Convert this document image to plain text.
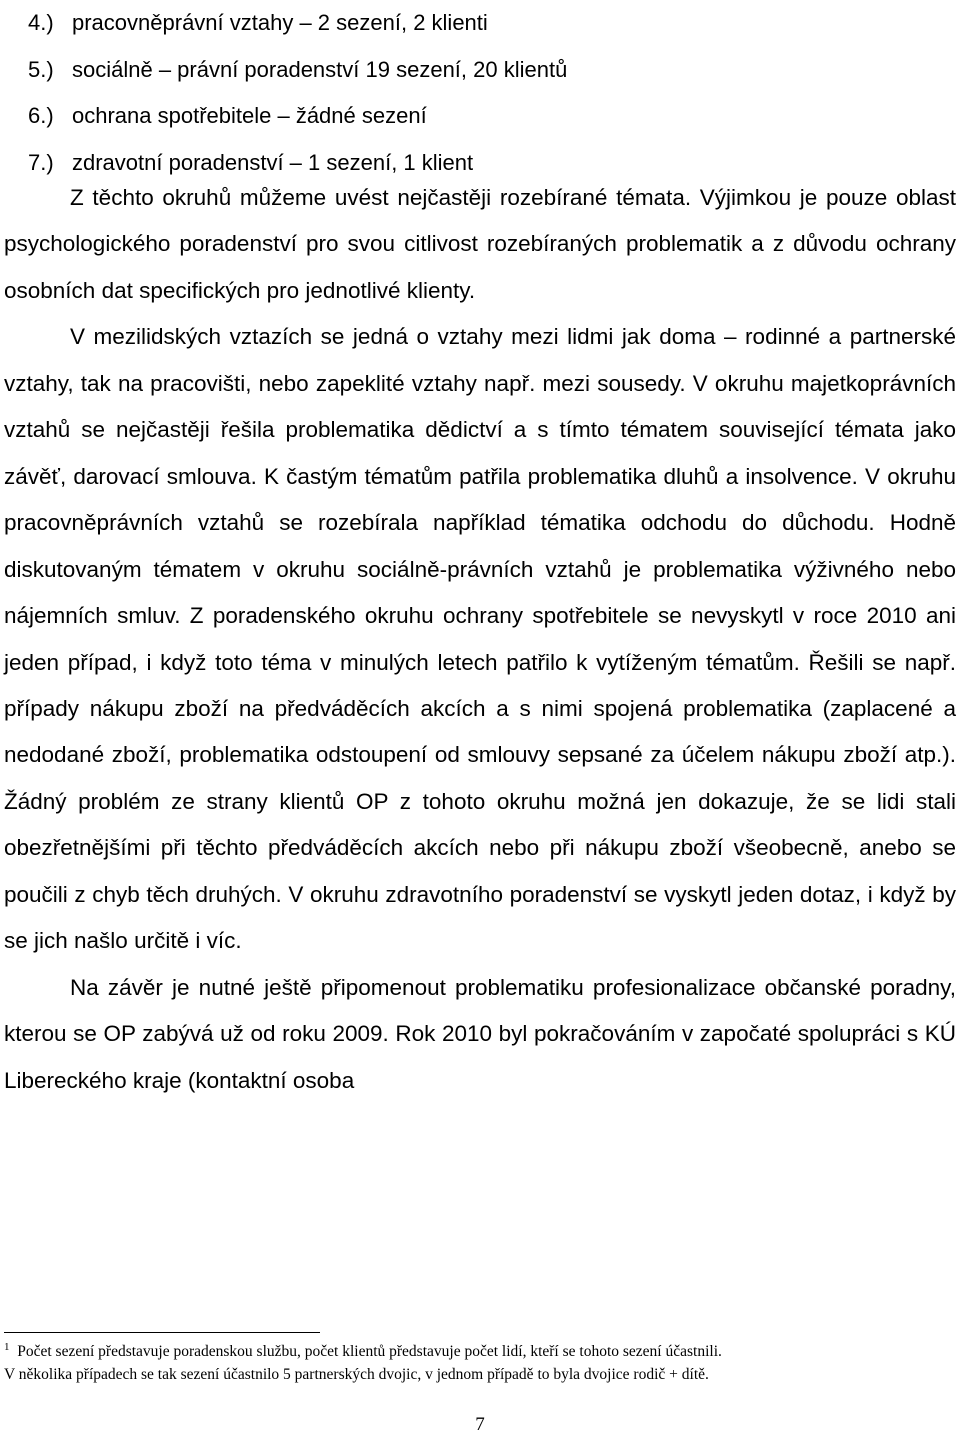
4.) pracovněprávní vztahy – 2 sezení, 2 klienti
5.) sociálně – právní poradenství 19 sezení, 20 klientů
6.) ochrana spotřebitele – žádné sezení
7.) zdravotní poradenství – 1 sezení, 1 klient

Z těchto okruhů můžeme uvést nejčastěji rozebírané témata. Výjimkou je pouze oblast psychologického poradenství pro svou citlivost rozebíraných problematik a z důvodu ochrany osobních dat specifických pro jednotlivé klienty.

V mezilidských vztazích se jedná o vztahy mezi lidmi jak doma – rodinné a partnerské vztahy, tak na pracovišti, nebo zapeklité vztahy např. mezi sousedy. V okruhu majetkoprávních vztahů se nejčastěji řešila problematika dědictví a s tímto tématem související témata jako závěť, darovací smlouva. K častým tématům patřila problematika dluhů a insolvence. V okruhu pracovněprávních vztahů se rozebírala například tématika odchodu do důchodu. Hodně diskutovaným tématem v okruhu sociálně-právních vztahů je problematika výživného nebo nájemních smluv. Z poradenského okruhu ochrany spotřebitele se nevyskytl v roce 2010 ani jeden případ, i když toto téma v minulých letech patřilo k vytíženým tématům. Řešili se např. případy nákupu zboží na předváděcích akcích a s nimi spojená problematika (zaplacené a nedodané zboží, problematika odstoupení od smlouvy sepsané za účelem nákupu zboží atp.). Žádný problém ze strany klientů OP z tohoto okruhu možná jen dokazuje, že se lidi stali obezřetnějšími při těchto předváděcích akcích nebo při nákupu zboží všeobecně, anebo se poučili z chyb těch druhých. V okruhu zdravotního poradenství se vyskytl jeden dotaz, i když by se jich našlo určitě i víc.

Na závěr je nutné ještě připomenout problematiku profesionalizace občanské poradny, kterou se OP zabývá už od roku 2009. Rok 2010 byl pokračováním v započaté spolupráci s KÚ Libereckého kraje (kontaktní osoba

$^1$ Počet sezení představuje poradenskou službu, počet klientů představuje počet lidí, kteří se tohoto sezení účastnili.
V několika případech se tak sezení účastnilo 5 partnerských dvojic, v jednom případě to byla dvojice rodič + dítě.
7
